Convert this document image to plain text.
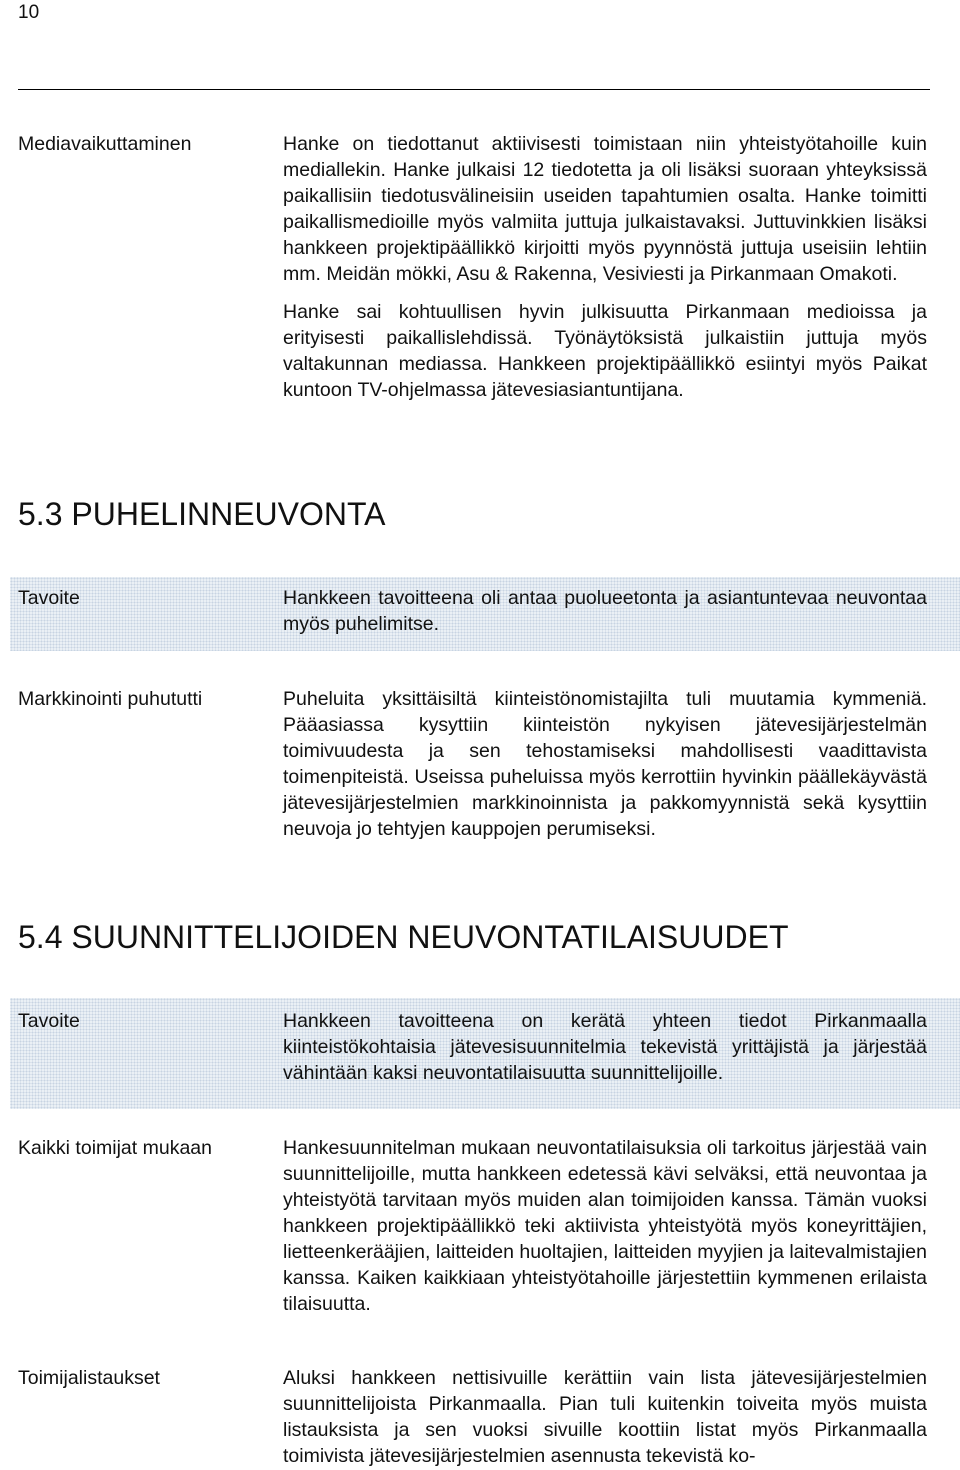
10
Mediavaikuttaminen	Hanke on tiedottanut aktiivisesti toimistaan niin yhteistyötahoille kuin mediallekin. Hanke julkaisi 12 tiedotetta ja oli lisäksi suoraan yhteyksissä paikallisiin tiedotusvälineisiin useiden tapahtumien osalta. Hanke toimitti paikallismedioille myös valmiita juttuja julkaistavaksi. Juttuvinkkien lisäksi hankkeen projektipäällikkö kirjoitti myös pyynnöstä juttuja useisiin lehtiin mm. Meidän mökki, Asu & Rakenna, Vesiviesti ja Pirkanmaan Omakoti.

Hanke sai kohtuullisen hyvin julkisuutta Pirkanmaan medioissa ja erityisesti paikallislehdissä. Työnäytöksistä julkaistiin juttuja myös valtakunnan mediassa. Hankkeen projektipäällikkö esiintyi myös Paikat kuntoon TV-ohjelmassa jätevesiasiantuntijana.

5.3 PUHELINNEUVONTA
Tavoite	Hankkeen tavoitteena oli antaa puolueetonta ja asiantuntevaa neuvontaa myös puhelimitse.
Markkinointi puhututti	Puheluita yksittäisiltä kiinteistönomistajilta tuli muutamia kymmeniä. Pääasiassa kysyttiin kiinteistön nykyisen jätevesijärjestelmän toimivuudesta ja sen tehostamiseksi mahdollisesti vaadittavista toimenpiteistä. Useissa puheluissa myös kerrottiin hyvinkin päällekäyvästä jätevesijärjestelmien markkinoinnista ja pakkomyynnistä sekä kysyttiin neuvoja jo tehtyjen kauppojen perumiseksi.
5.4 SUUNNITTELIJOIDEN NEUVONTATILAISUUDET
Tavoite	Hankkeen tavoitteena on kerätä yhteen tiedot Pirkanmaalla kiinteistökohtaisia jätevesisuunnitelmia tekevistä yrittäjistä ja järjestää vähintään kaksi neuvontatilaisuutta suunnittelijoille.
Kaikki toimijat mukaan	Hankesuunnitelman mukaan neuvontatilaisuksia oli tarkoitus järjestää vain suunnittelijoille, mutta hankkeen edetessä kävi selväksi, että neuvontaa ja yhteistyötä tarvitaan myös muiden alan toimijoiden kanssa. Tämän vuoksi hankkeen projektipäällikkö teki aktiivista yhteistyötä myös koneyrittäjien, lietteenkerääjien, laitteiden huoltajien, laitteiden myyjien ja laitevalmistajien kanssa. Kaiken kaikkiaan yhteistyötahoille järjestettiin kymmenen erilaista tilaisuutta.
Toimijalistaukset	Aluksi hankkeen nettisivuille kerättiin vain lista jätevesijärjestelmien suunnittelijoista Pirkanmaalla. Pian tuli kuitenkin toiveita myös muista listauksista ja sen vuoksi sivuille koottiin listat myös Pirkanmaalla toimivista jätevesijärjestelmien asennusta tekevistä ko-
